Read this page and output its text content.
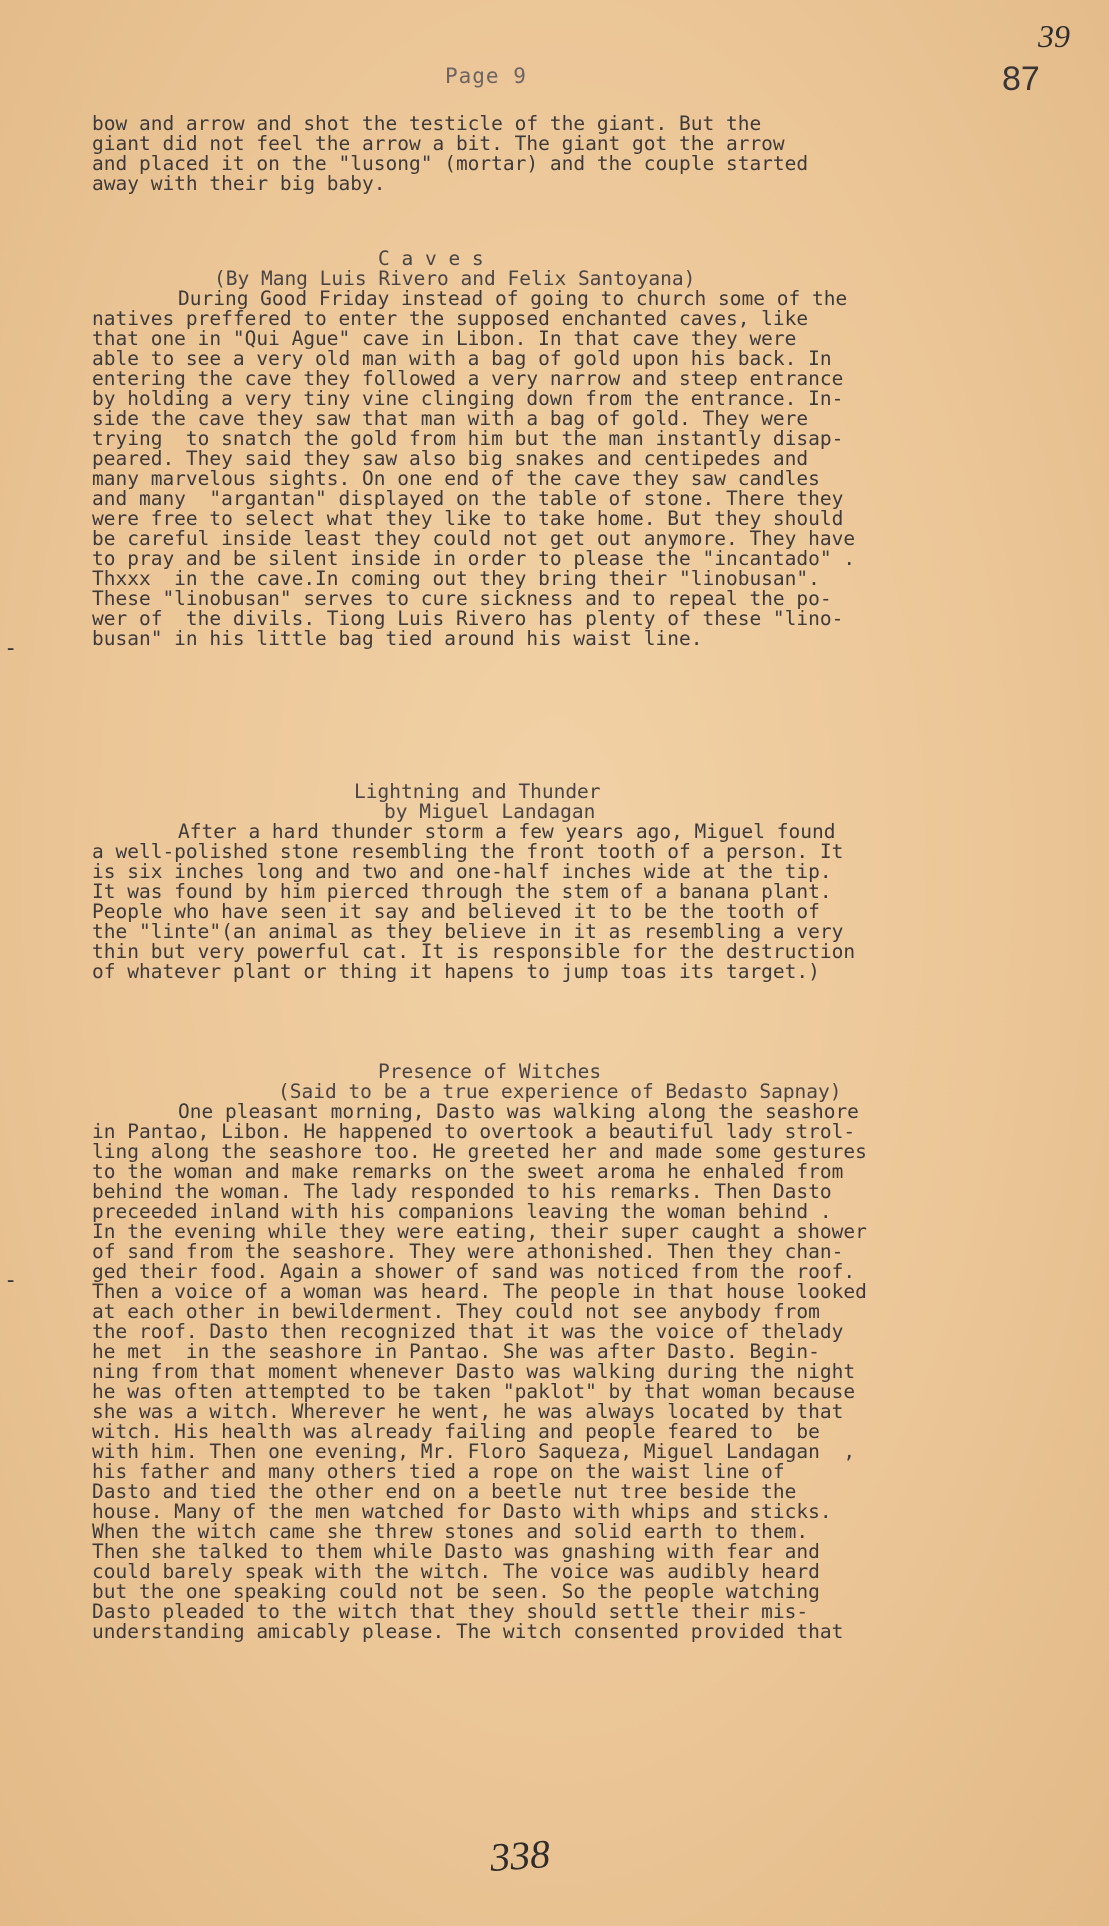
39
Page 9	87
bow and arrow and shot the testicle of the giant. But the
giant did not feel the arrow a bit. The giant got the arrow
and placed it on the "lusong" (mortar) and the couple started
away with their big baby.
C a v e s
(By Mang Luis Rivero and Felix Santoyana)
During Good Friday instead of going to church some of the
natives preffered to enter the supposed enchanted caves, like
that one in "Qui Ague" cave in Libon. In that cave they were
able to see a very old man with a bag of gold upon his back. In
entering the cave they followed a very narrow and steep entrance
by holding a very tiny vine clinging down from the entrance. In-
side the cave they saw that man with a bag of gold. They were
trying  to snatch the gold from him but the man instantly disap-
peared. They said they saw also big snakes and centipedes and
many marvelous sights. On one end of the cave they saw candles
and many  "argantan" displayed on the table of stone. There they
were free to select what they like to take home. But they should
be careful inside least they could not get out anymore. They have
to pray and be silent inside in order to please the "incantado" .
Thxxx  in the cave.In coming out they bring their "linobusan".
These "linobusan" serves to cure sickness and to repeal the po-
wer of  the divils. Tiong Luis Rivero has plenty of these "lino-
busan" in his little bag tied around his waist line.
Lightning and Thunder
by Miguel Landagan
After a hard thunder storm a few years ago, Miguel found
a well-polished stone resembling the front tooth of a person. It
is six inches long and two and one-half inches wide at the tip.
It was found by him pierced through the stem of a banana plant.
People who have seen it say and believed it to be the tooth of
the "linte"(an animal as they believe in it as resembling a very
thin but very powerful cat. It is responsible for the destruction
of whatever plant or thing it hapens to jump toas its target.)
Presence of Witches
(Said to be a true experience of Bedasto Sapnay)
One pleasant morning, Dasto was walking along the seashore
in Pantao, Libon. He happened to overtook a beautiful lady strol-
ling along the seashore too. He greeted her and made some gestures
to the woman and make remarks on the sweet aroma he enhaled from
behind the woman. The lady responded to his remarks. Then Dasto
preceeded inland with his companions leaving the woman behind .
In the evening while they were eating, their super caught a shower
of sand from the seashore. They were athonished. Then they chan-
ged their food. Again a shower of sand was noticed from the roof.
Then a voice of a woman was heard. The people in that house looked
at each other in bewilderment. They could not see anybody from
the roof. Dasto then recognized that it was the voice of thelady
he met  in the seashore in Pantao. She was after Dasto. Begin-
ning from that moment whenever Dasto was walking during the night
he was often attempted to be taken "paklot" by that woman because
she was a witch. Wherever he went, he was always located by that
witch. His health was already failing and people feared to  be
with him. Then one evening, Mr. Floro Saqueza, Miguel Landagan  ,
his father and many others tied a rope on the waist line of
Dasto and tied the other end on a beetle nut tree beside the
house. Many of the men watched for Dasto with whips and sticks.
When the witch came she threw stones and solid earth to them.
Then she talked to them while Dasto was gnashing with fear and
could barely speak with the witch. The voice was audibly heard
but the one speaking could not be seen. So the people watching
Dasto pleaded to the witch that they should settle their mis-
understanding amicably please. The witch consented provided that
-
-
338
